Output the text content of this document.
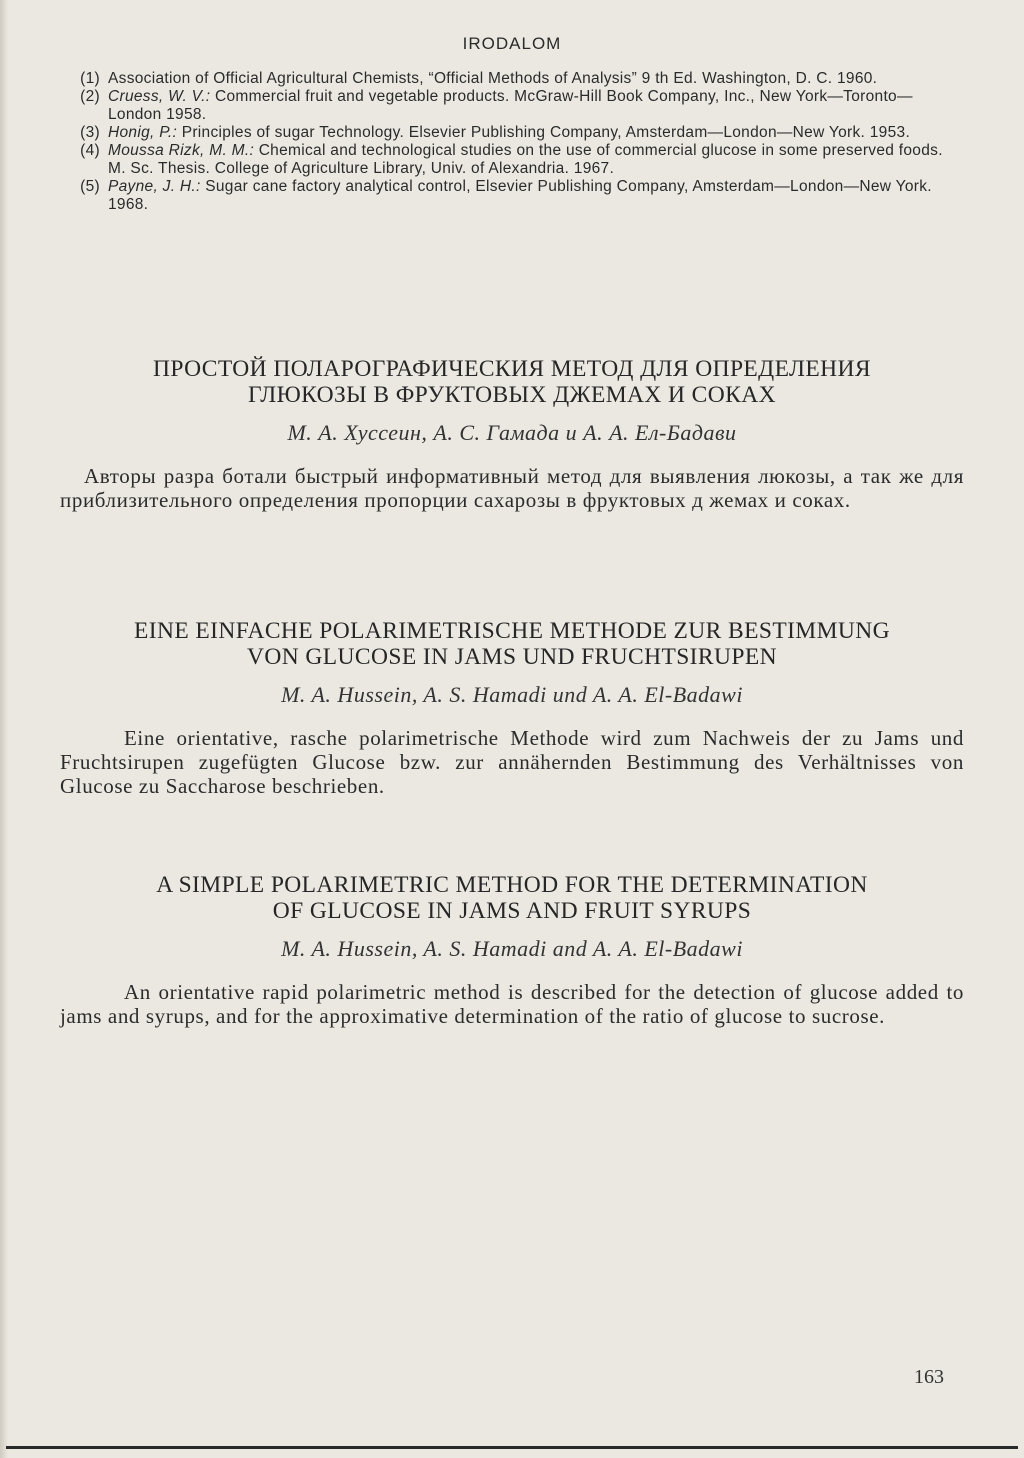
IRODALOM
(1) Association of Official Agricultural Chemists, “Official Methods of Analysis” 9 th Ed. Washington, D. C. 1960.
(2) Cruess, W. V.: Commercial fruit and vegetable products. McGraw-Hill Book Company, Inc., New York—Toronto—London 1958.
(3) Honig, P.: Principles of sugar Technology. Elsevier Publishing Company, Amsterdam—London—New York. 1953.
(4) Moussa Rizk, M. M.: Chemical and technological studies on the use of commercial glucose in some preserved foods. M. Sc. Thesis. College of Agriculture Library, Univ. of Alexandria. 1967.
(5) Payne, J. H.: Sugar cane factory analytical control, Elsevier Publishing Company, Amsterdam—London—New York. 1968.
ПРОСТОЙ ПОЛАРОГРАФИЧЕСКИЯ МЕТОД ДЛЯ ОПРЕДЕЛЕНИЯ
ГЛЮКОЗЫ В ФРУКТОВЫХ ДЖЕМАХ И СОКАХ
М. А. Хуссеин, А. С. Гамада и А. А. Ел-Бадави
Авторы разра ботали быстрый информативный метод для выявления люкозы, а так же для приблизительного определения пропорции сахарозы в фруктовых д жемах и соках.
EINE EINFACHE POLARIMETRISCHE METHODE ZUR BESTIMMUNG
VON GLUCOSE IN JAMS UND FRUCHTSIRUPEN
M. A. Hussein, A. S. Hamadi und A. A. El-Badawi
Eine orientative, rasche polarimetrische Methode wird zum Nachweis der zu Jams und Fruchtsirupen zugefügten Glucose bzw. zur annähernden Bestimmung des Verhältnisses von Glucose zu Saccharose beschrieben.
A SIMPLE POLARIMETRIC METHOD FOR THE DETERMINATION
OF GLUCOSE IN JAMS AND FRUIT SYRUPS
M. A. Hussein, A. S. Hamadi and A. A. El-Badawi
An orientative rapid polarimetric method is described for the detection of glucose added to jams and syrups, and for the approximative determination of the ratio of glucose to sucrose.
163
